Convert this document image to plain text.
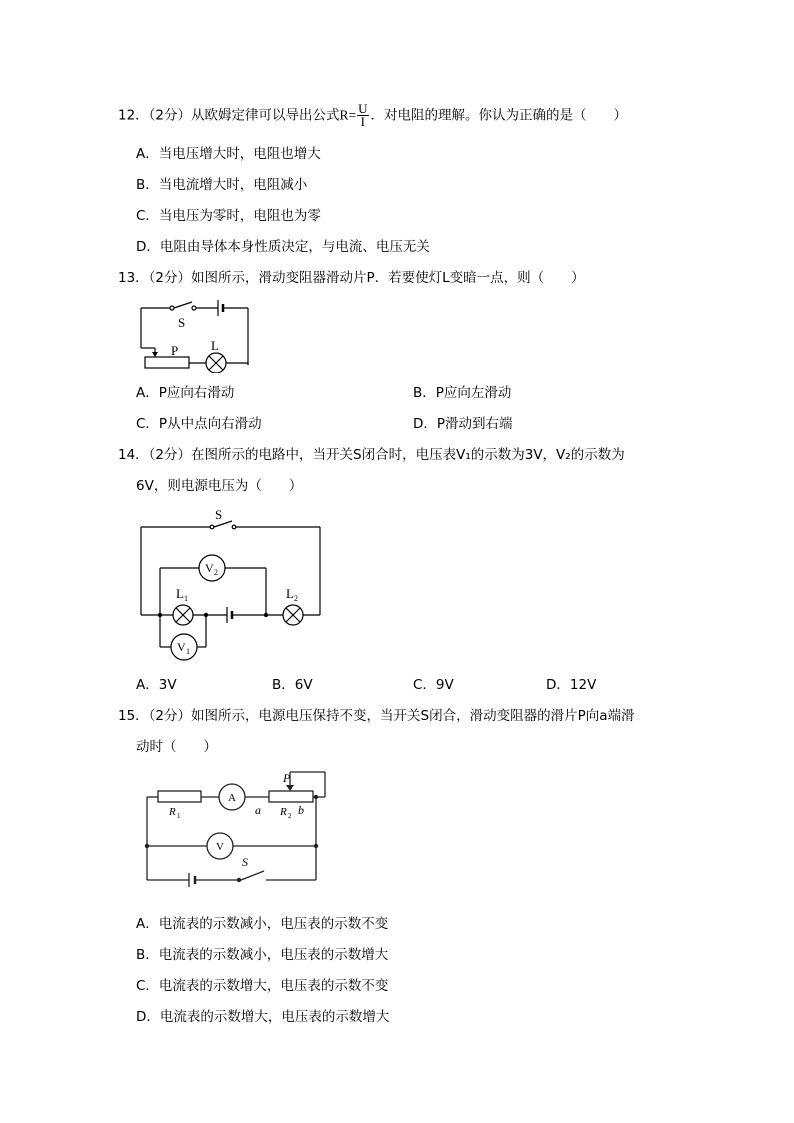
12．（2分）从欧姆定律可以导出公式$R= \frac{U}{I}$ ．对电阻的理解。你认为正确的是（　　）
A．当电压增大时，电阻也增大
B．当电流增大时，电阻减小
C．当电压为零时，电阻也为零
D．电阻由导体本身性质决定，与电流、电压无关
13．（2分）如图所示，滑动变阻器滑动片P．若要使灯L变暗一点，则（　　）
S
P	L
A．P应向右滑动	B．P应向左滑动
C．P从中点向右滑动	D．P滑动到右端
14．（2分）在图所示的电路中，当开关S闭合时，电压表V₁的示数为3V，V₂的示数为
6V，则电源电压为（　　）
S
V 2
L 1	L 2
V 1
A．3V	B．6V	C．9V	D．12V
15．（2分）如图所示，电源电压保持不变，当开关S闭合，滑动变阻器的滑片P向a端滑
动时（　　）
P
A
R 1	a R 2 b
V
S
A．电流表的示数减小，电压表的示数不变
B．电流表的示数减小，电压表的示数增大
C．电流表的示数增大，电压表的示数不变
D．电流表的示数增大，电压表的示数增大
